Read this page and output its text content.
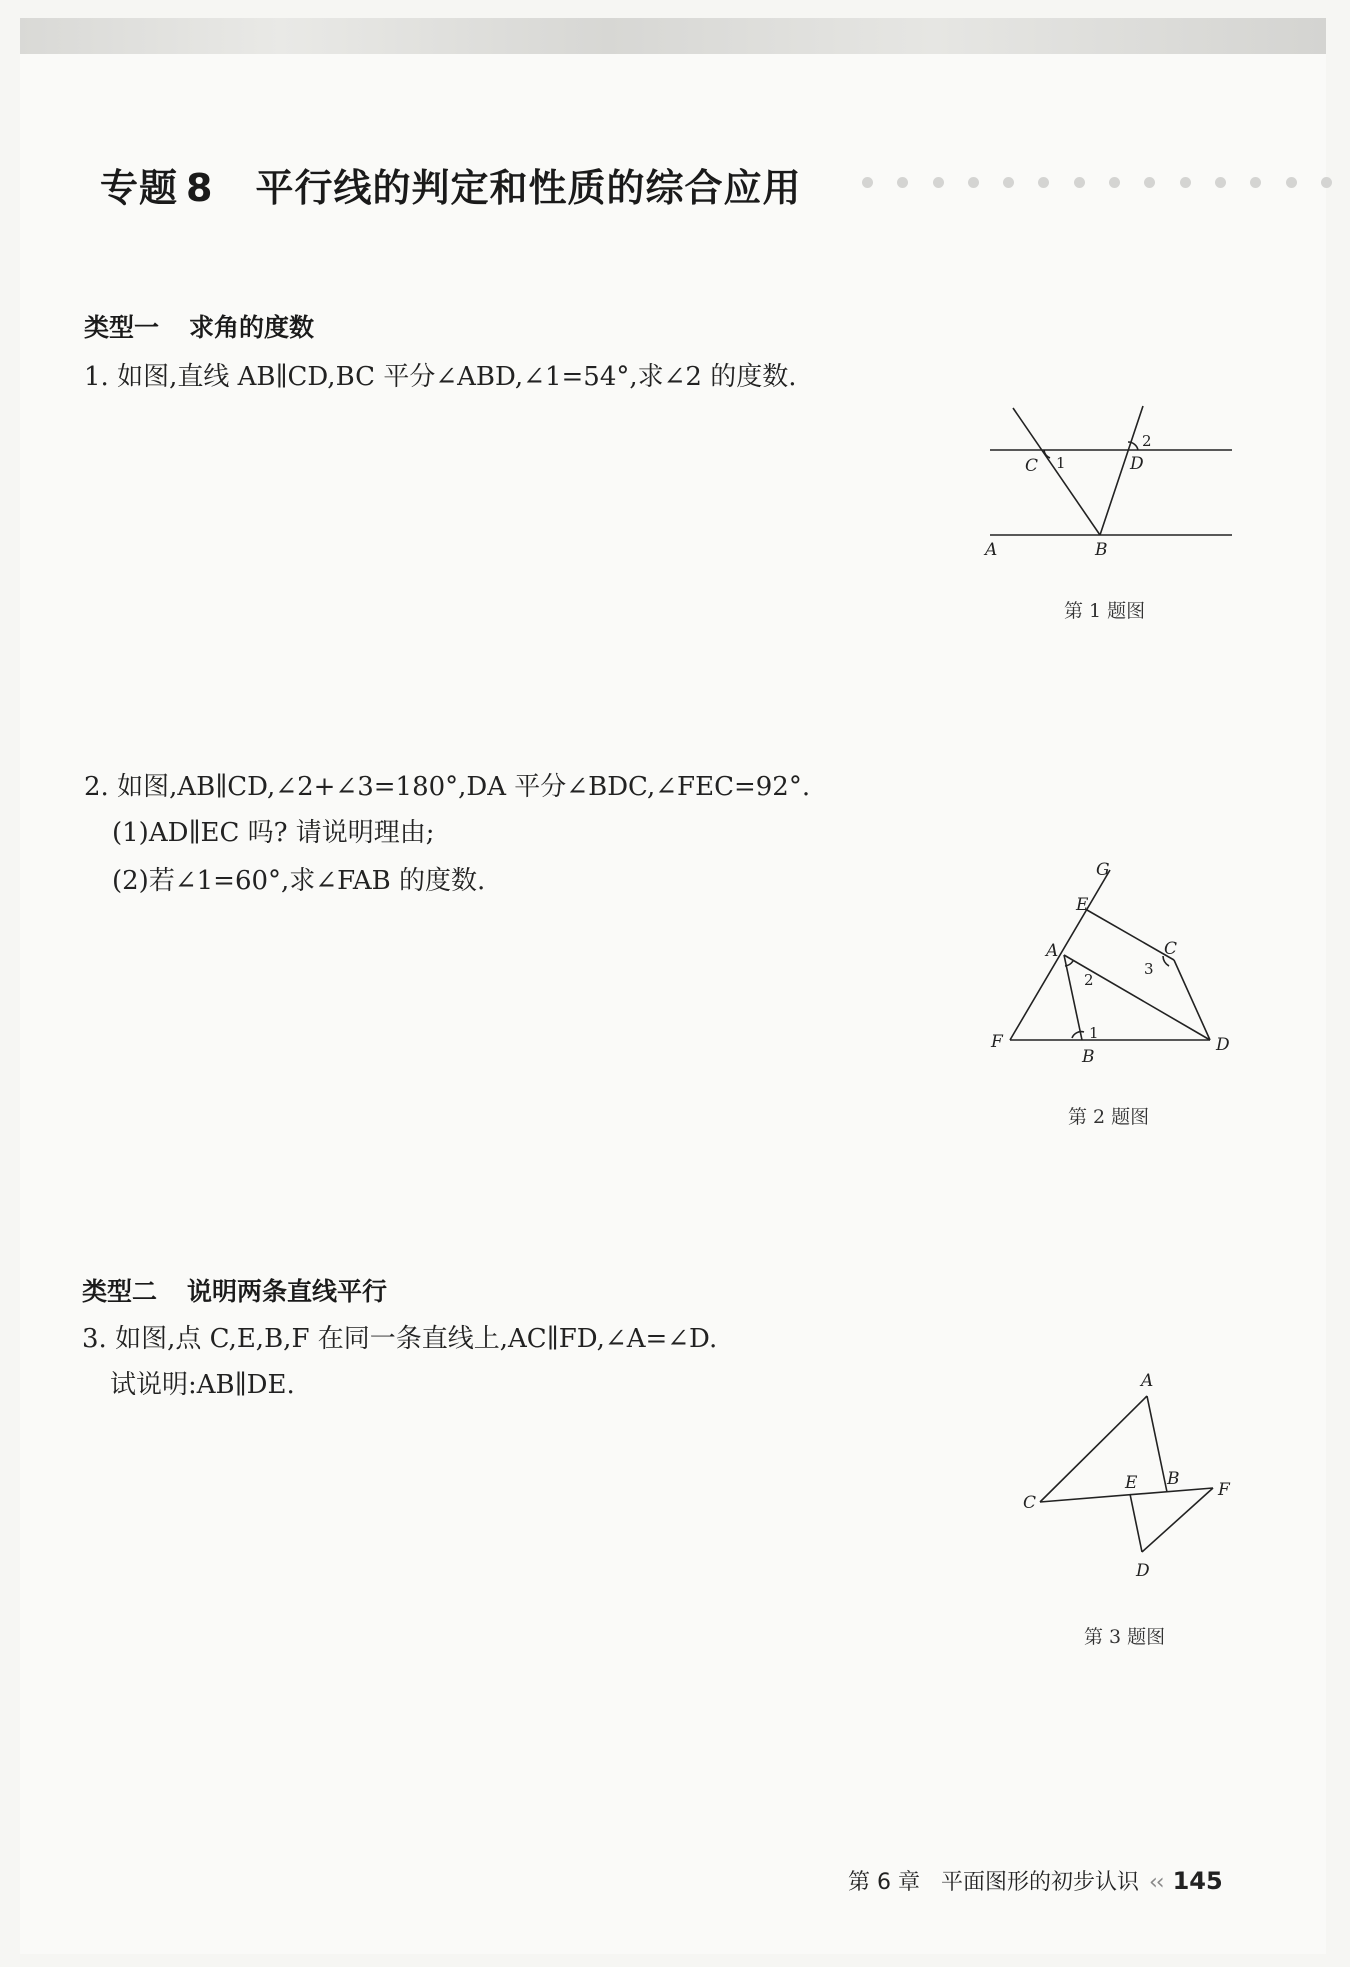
专题 8 平行线的判定和性质的综合应用
类型一 求角的度数
1. 如图,直线 AB∥CD,BC 平分∠ABD,∠1=54°,求∠2 的度数.
C 1	D
2
A	B
第 1 题图
2. 如图,AB∥CD,∠2+∠3=180°,DA 平分∠BDC,∠FEC=92°.
(1)AD∥EC 吗? 请说明理由;
(2)若∠1=60°,求∠FAB 的度数.	G
E
A	C
3
2
1
F
B
D
第 2 题图
类型二 说明两条直线平行
3. 如图,点 C,E,B,F 在同一条直线上,AC∥FD,∠A=∠D.
试说明:AB∥DE.	A
C
E B
F
D
第 3 题图
第 6 章 平面图形的初步认识 ‹‹ 145
